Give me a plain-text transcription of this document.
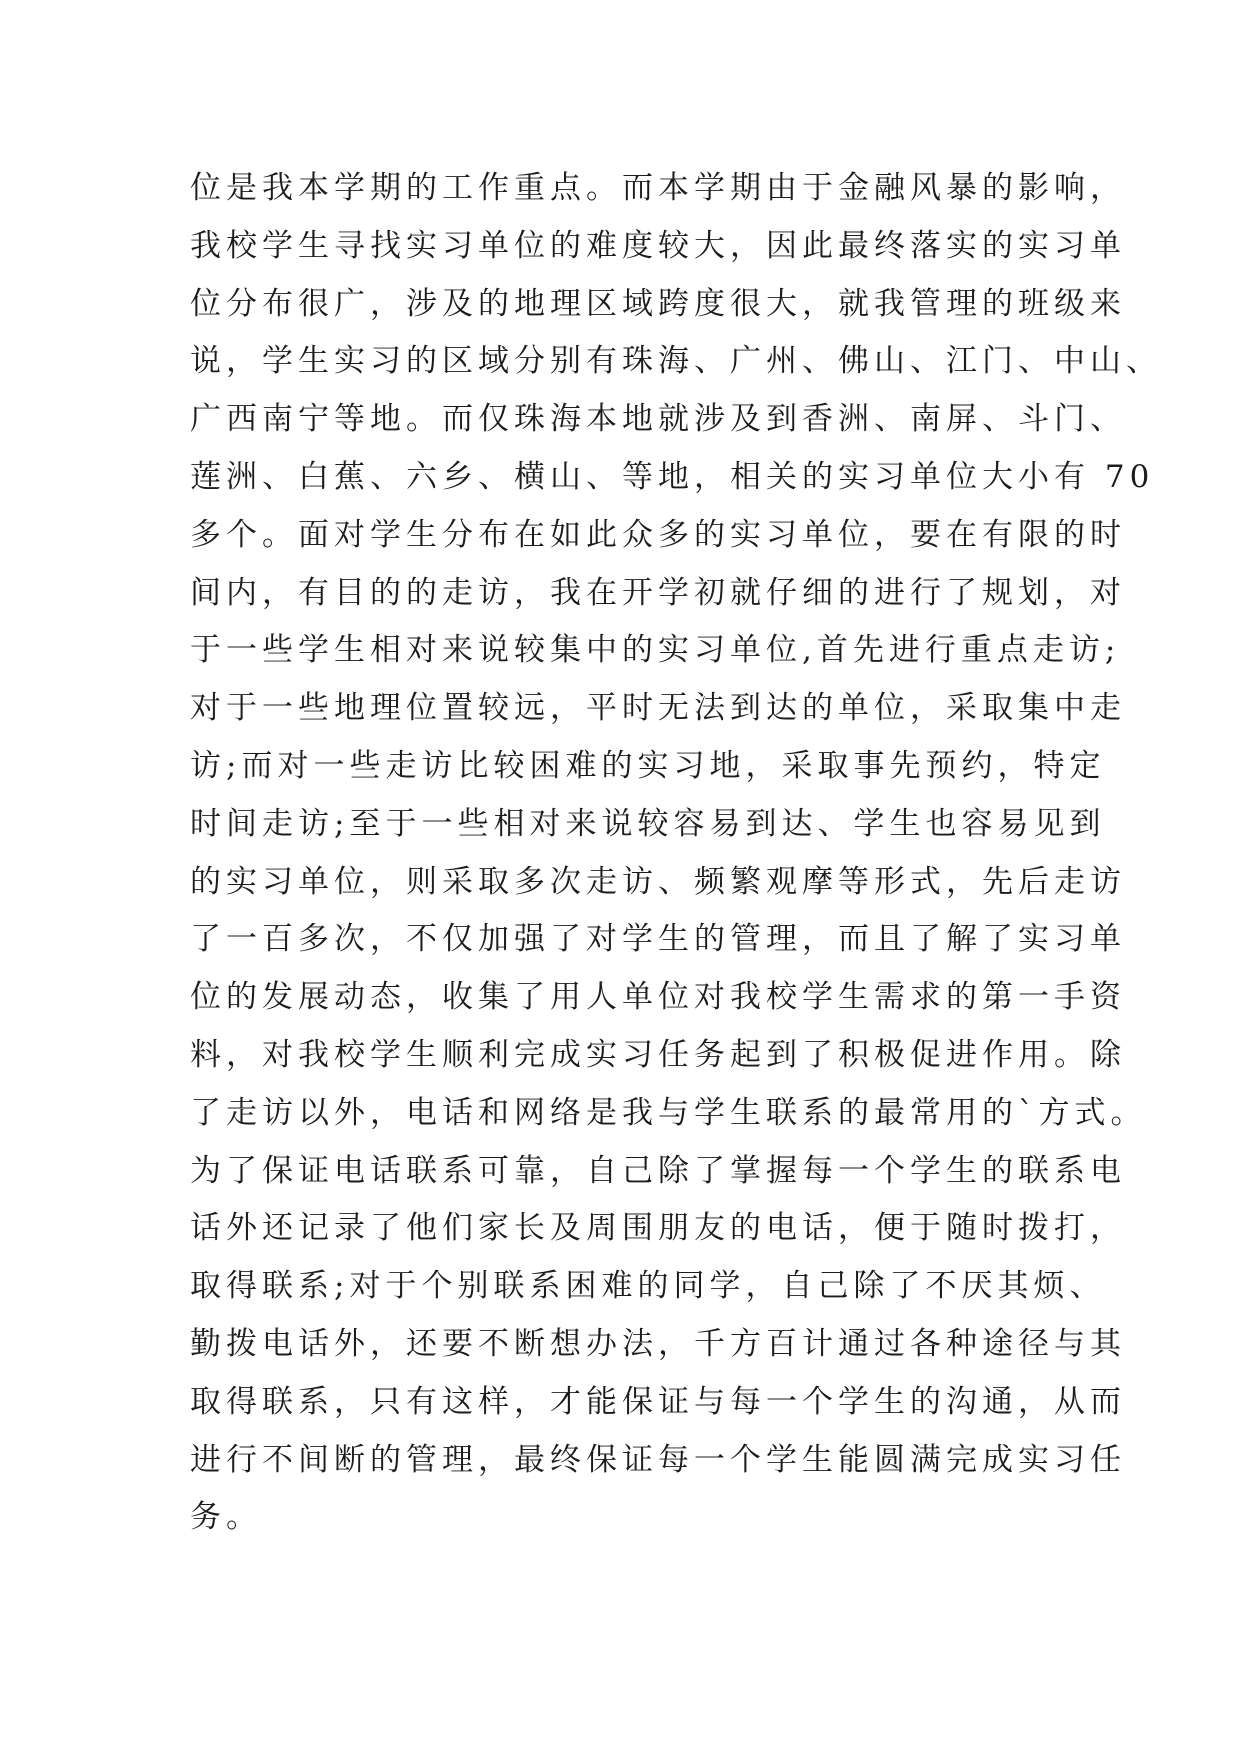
位是我本学期的工作重点。而本学期由于金融风暴的影响，
我校学生寻找实习单位的难度较大，因此最终落实的实习单
位分布很广，涉及的地理区域跨度很大，就我管理的班级来
说，学生实习的区域分别有珠海、广州、佛山、江门、中山、
广西南宁等地。而仅珠海本地就涉及到香洲、南屏、斗门、
莲洲、白蕉、六乡、横山、等地，相关的实习单位大小有 70
多个。面对学生分布在如此众多的实习单位，要在有限的时
间内，有目的的走访，我在开学初就仔细的进行了规划，对
于一些学生相对来说较集中的实习单位,首先进行重点走访;
对于一些地理位置较远，平时无法到达的单位，采取集中走
访;而对一些走访比较困难的实习地，采取事先预约，特定
时间走访;至于一些相对来说较容易到达、学生也容易见到
的实习单位，则采取多次走访、频繁观摩等形式，先后走访
了一百多次，不仅加强了对学生的管理，而且了解了实习单
位的发展动态，收集了用人单位对我校学生需求的第一手资
料，对我校学生顺利完成实习任务起到了积极促进作用。除
了走访以外，电话和网络是我与学生联系的最常用的`方式。
为了保证电话联系可靠，自己除了掌握每一个学生的联系电
话外还记录了他们家长及周围朋友的电话，便于随时拨打，
取得联系;对于个别联系困难的同学，自己除了不厌其烦、
勤拨电话外，还要不断想办法，千方百计通过各种途径与其
取得联系，只有这样，才能保证与每一个学生的沟通，从而
进行不间断的管理，最终保证每一个学生能圆满完成实习任
务。
